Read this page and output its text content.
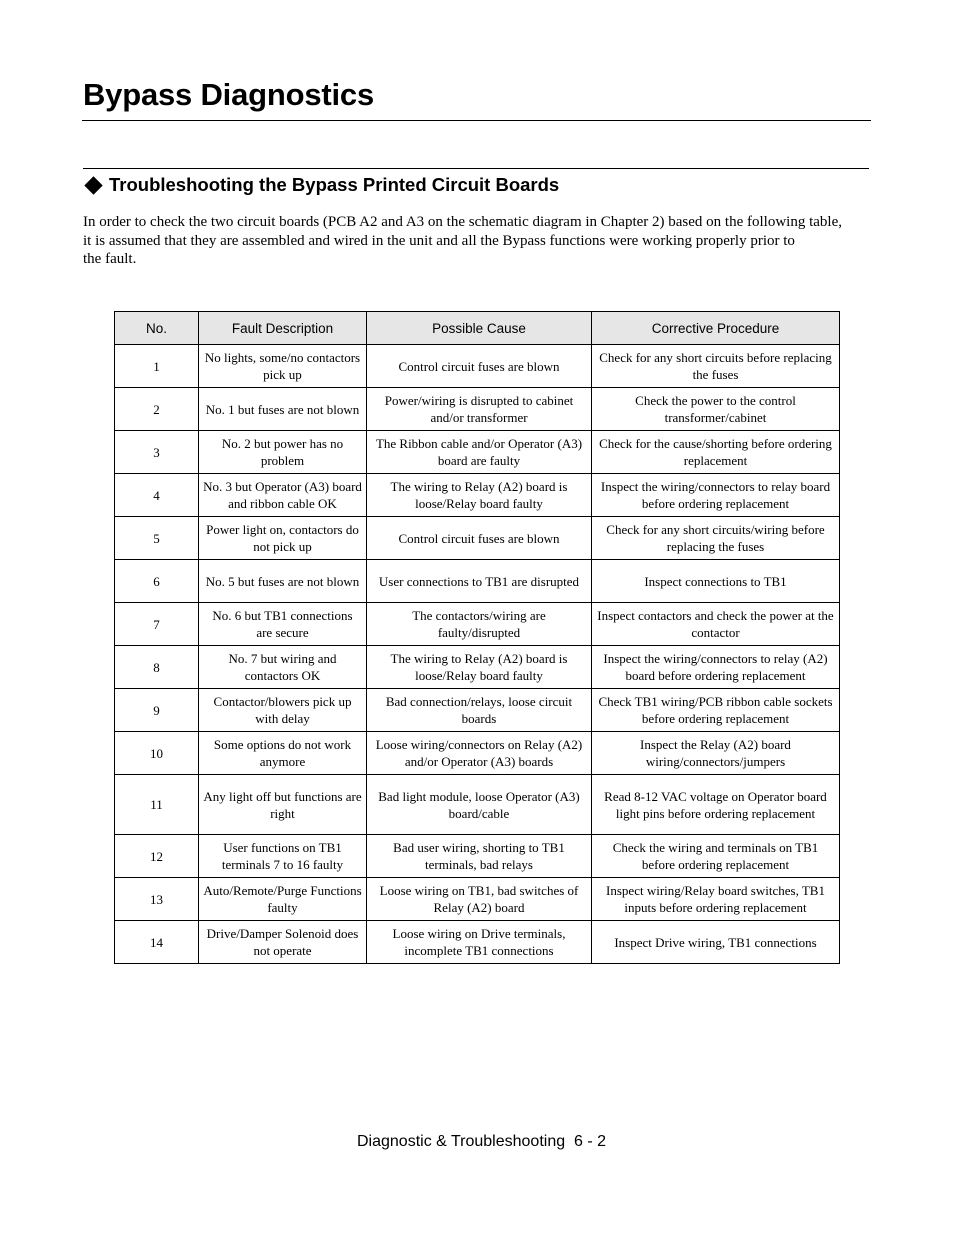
Bypass Diagnostics
Troubleshooting the Bypass Printed Circuit Boards

In order to check the two circuit boards (PCB A2 and A3 on the schematic diagram in Chapter 2) based on the following table,
it is assumed that they are assembled and wired in the unit and all the Bypass functions were working properly prior to
the fault.

No.	Fault Description	Possible Cause	Corrective Procedure
1	No lights, some/no contactors pick up	Control circuit fuses are blown	Check for any short circuits before replacing the fuses
2	No. 1 but fuses are not blown	Power/wiring is disrupted to cabinet and/or transformer	Check the power to the control transformer/cabinet
3	No. 2 but power has no problem	The Ribbon cable and/or Operator (A3) board are faulty	Check for the cause/shorting before ordering replacement
4	No. 3 but Operator (A3) board and ribbon cable OK	The wiring to Relay (A2) board is loose/Relay board faulty	Inspect the wiring/connectors to relay board before ordering replacement
5	Power light on, contactors do not pick up	Control circuit fuses are blown	Check for any short circuits/wiring before replacing the fuses
6	No. 5 but fuses are not blown	User connections to TB1 are disrupted	Inspect connections to TB1
7	No. 6 but TB1 connections are secure	The contactors/wiring are faulty/disrupted	Inspect contactors and check the power at the contactor
8	No. 7 but wiring and contactors OK	The wiring to Relay (A2) board is loose/Relay board faulty	Inspect the wiring/connectors to relay (A2) board before ordering replacement
9	Contactor/blowers pick up with delay	Bad connection/relays, loose circuit boards	Check TB1 wiring/PCB ribbon cable sockets before ordering replacement
10	Some options do not work anymore	Loose wiring/connectors on Relay (A2) and/or Operator (A3) boards	Inspect the Relay (A2) board wiring/connectors/jumpers
11	Any light off but functions are right	Bad light module, loose Operator (A3) board/cable	Read 8-12 VAC voltage on Operator board light pins before ordering replacement
12	User functions on TB1 terminals 7 to 16 faulty	Bad user wiring, shorting to TB1 terminals, bad relays	Check the wiring and terminals on TB1 before ordering replacement
13	Auto/Remote/Purge Functions faulty	Loose wiring on TB1, bad switches of Relay (A2) board	Inspect wiring/Relay board switches, TB1 inputs before ordering replacement
14	Drive/Damper Solenoid does not operate	Loose wiring on Drive terminals, incomplete TB1 connections	Inspect Drive wiring, TB1 connections

Diagnostic & Troubleshooting  6 - 2
